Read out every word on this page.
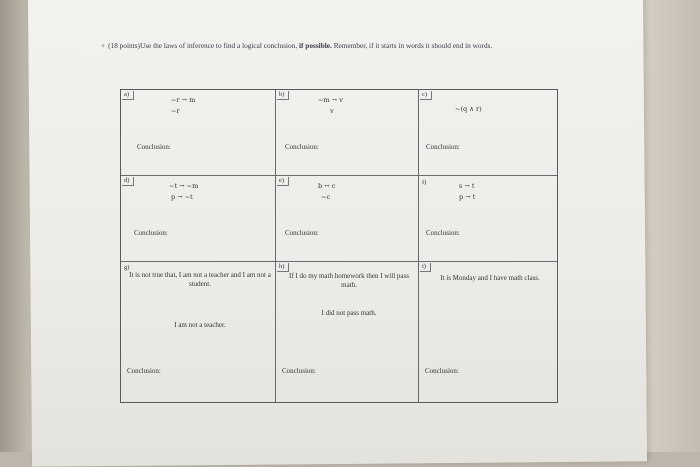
+ (18 points)Use the laws of inference to find a logical conclusion, if possible. Remember, if it starts in words it should end in words.
a)
~r → m
~r
Conclusion:
b)
~m → v
v
Conclusion:
c)
~(q ∧ r)
Conclusion:
d)
~t → ~m
p → ~t
Conclusion:
e)
b ↔ c
~c
Conclusion:
f)	s → t
p → t
Conclusion:
g)
It is not true that, I am not a teacher and I am not a student.
I am not a teacher.
Conclusion:
h)
If I do my math homework then I will pass math.
I did not pass math.
Conclusion:
i)
It is Monday and I have math class.
Conclusion:
